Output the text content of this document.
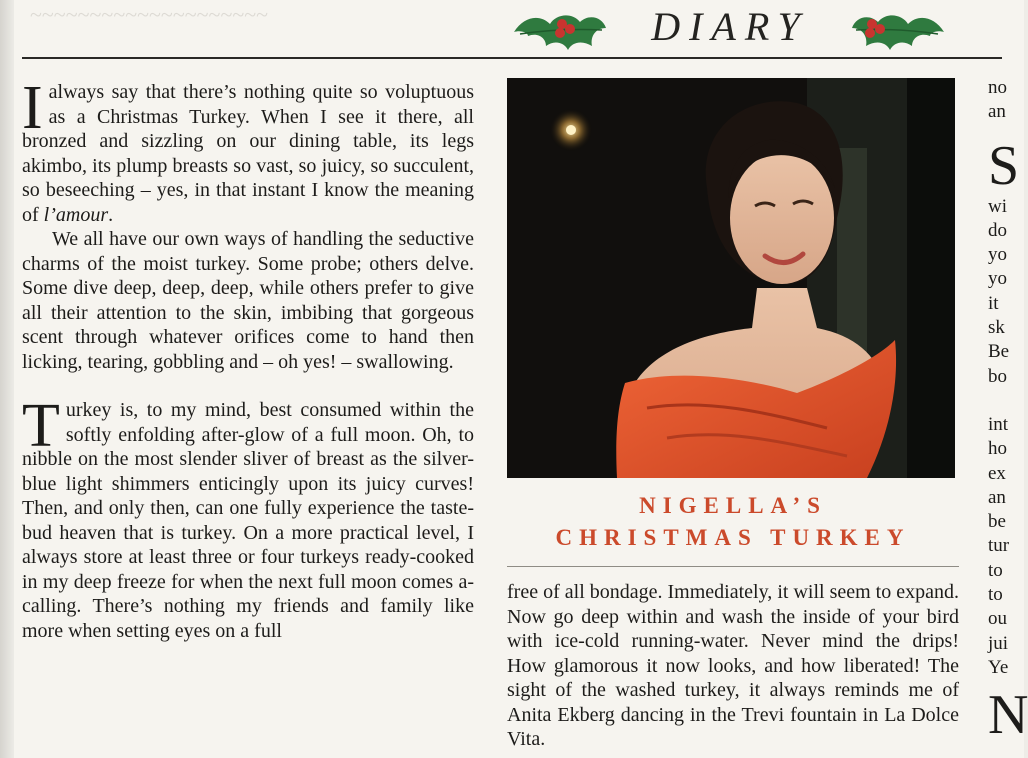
~~~~~~~~~~~~~~~~~~~~	DIARY

I always say that there’s nothing quite so voluptuous as a Christmas Turkey. When I see it there, all bronzed and sizzling on our dining table, its legs akimbo, its plump breasts so vast, so juicy, so succulent, so beseeching – yes, in that instant I know the meaning of l’amour.

We all have our own ways of handling the seductive charms of the moist turkey. Some probe; others delve. Some dive deep, deep, deep, while others prefer to give all their attention to the skin, imbibing that gorgeous scent through whatever orifices come to hand then licking, tearing, gobbling and – oh yes! – swallowing.

T urkey is, to my mind, best consumed within the softly enfolding after-glow of a full moon. Oh, to nibble on the most slender sliver of breast as the silver-blue light shimmers enticingly upon its juicy curves! Then, and only then, can one fully experience the taste-bud heaven that is turkey. On a more practical level, I always store at least three or four turkeys ready-cooked in my deep freeze for when the next full moon comes a-calling. There’s nothing my friends and family like more when setting eyes on a full

NIGELLA’S
CHRISTMAS TURKEY

free of all bondage. Immediately, it will seem to expand. Now go deep within and wash the inside of your bird with ice-cold running-water. Never mind the drips! How glamorous it now looks, and how liberated! The sight of the washed turkey, it always reminds me of Anita Ekberg dancing in the Trevi fountain in La Dolce Vita.

no
an
S
wi
do
yo
yo
it
sk
Be
bo
int
ho
ex
an
be
tur
to
to
ou
jui
Ye
N
